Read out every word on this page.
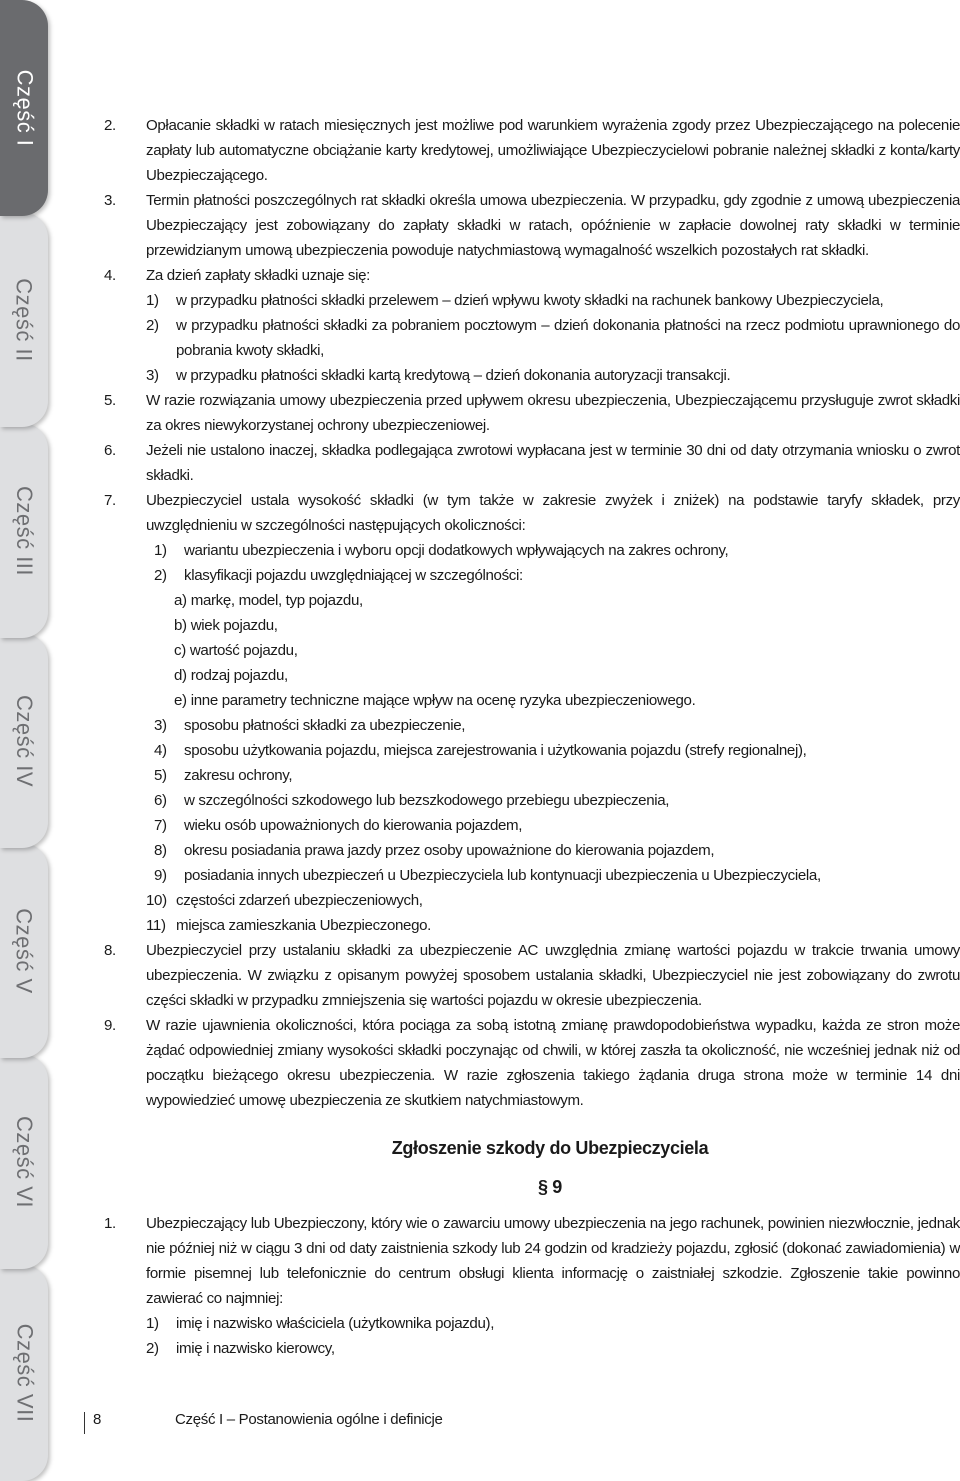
Część VII
Część VI
Część V
Część IV
Część III
Część II
Część I	2. Opłacanie składki w ratach miesięcznych jest możliwe pod warunkiem wyrażenia zgody przez Ubezpieczającego na polecenie zapłaty lub automatyczne obciążanie karty kredytowej, umożliwiające Ubezpieczycielowi pobranie należnej składki z konta/karty Ubezpieczającego.
3. Termin płatności poszczególnych rat składki określa umowa ubezpieczenia. W przypadku, gdy zgodnie z umową ubezpieczenia Ubezpieczający jest zobowiązany do zapłaty składki w ratach, opóźnienie w zapłacie dowolnej raty składki w terminie przewidzianym umową ubezpieczenia powoduje natychmiastową wymagalność wszelkich pozostałych rat składki.
4. Za dzień zapłaty składki uznaje się:
1) w przypadku płatności składki przelewem – dzień wpływu kwoty składki na rachunek bankowy Ubezpieczyciela,
2) w przypadku płatności składki za pobraniem pocztowym – dzień dokonania płatności na rzecz podmiotu uprawnionego do pobrania kwoty składki,
3) w przypadku płatności składki kartą kredytową – dzień dokonania autoryzacji transakcji.
5. W razie rozwiązania umowy ubezpieczenia przed upływem okresu ubezpieczenia, Ubezpieczającemu przysługuje zwrot składki za okres niewykorzystanej ochrony ubezpieczeniowej.
6. Jeżeli nie ustalono inaczej, składka podlegająca zwrotowi wypłacana jest w terminie 30 dni od daty otrzymania wniosku o zwrot składki.
7. Ubezpieczyciel ustala wysokość składki (w tym także w zakresie zwyżek i zniżek) na podstawie taryfy składek, przy uwzględnieniu w szczególności następujących okoliczności:
1) wariantu ubezpieczenia i wyboru opcji dodatkowych wpływających na zakres ochrony,
2) klasyfikacji pojazdu uwzględniającej w szczególności:
a) markę, model, typ pojazdu,
b) wiek pojazdu,
c) wartość pojazdu,
d) rodzaj pojazdu,
e) inne parametry techniczne mające wpływ na ocenę ryzyka ubezpieczeniowego.
3) sposobu płatności składki za ubezpieczenie,
4) sposobu użytkowania pojazdu, miejsca zarejestrowania i użytkowania pojazdu (strefy regionalnej),
5) zakresu ochrony,
6) w szczególności szkodowego lub bezszkodowego przebiegu ubezpieczenia,
7) wieku osób upoważnionych do kierowania pojazdem,
8) okresu posiadania prawa jazdy przez osoby upoważnione do kierowania pojazdem,
9) posiadania innych ubezpieczeń u Ubezpieczyciela lub kontynuacji ubezpieczenia u Ubezpieczyciela,
10) częstości zdarzeń ubezpieczeniowych,
11) miejsca zamieszkania Ubezpieczonego.
8. Ubezpieczyciel przy ustalaniu składki za ubezpieczenie AC uwzględnia zmianę wartości pojazdu w trakcie trwania umowy ubezpieczenia. W związku z opisanym powyżej sposobem ustalania składki, Ubezpieczyciel nie jest zobowiązany do zwrotu części składki w przypadku zmniejszenia się wartości pojazdu w okresie ubezpieczenia.
9. W razie ujawnienia okoliczności, która pociąga za sobą istotną zmianę prawdopodobieństwa wypadku, każda ze stron może żądać odpowiedniej zmiany wysokości składki poczynając od chwili, w której zaszła ta okoliczność, nie wcześniej jednak niż od początku bieżącego okresu ubezpieczenia. W razie zgłoszenia takiego żądania druga strona może w terminie 14 dni wypowiedzieć umowę ubezpieczenia ze skutkiem natychmiastowym.
Zgłoszenie szkody do Ubezpieczyciela
§ 9
1. Ubezpieczający lub Ubezpieczony, który wie o zawarciu umowy ubezpieczenia na jego rachunek, powinien niezwłocznie, jednak nie później niż w ciągu 3 dni od daty zaistnienia szkody lub 24 godzin od kradzieży pojazdu, zgłosić (dokonać zawiadomienia) w formie pisemnej lub telefonicznie do centrum obsługi klienta informację o zaistniałej szkodzie. Zgłoszenie takie powinno zawierać co najmniej:
1) imię i nazwisko właściciela (użytkownika pojazdu),
2) imię i nazwisko kierowcy,
8	Część I – Postanowienia ogólne i definicje
